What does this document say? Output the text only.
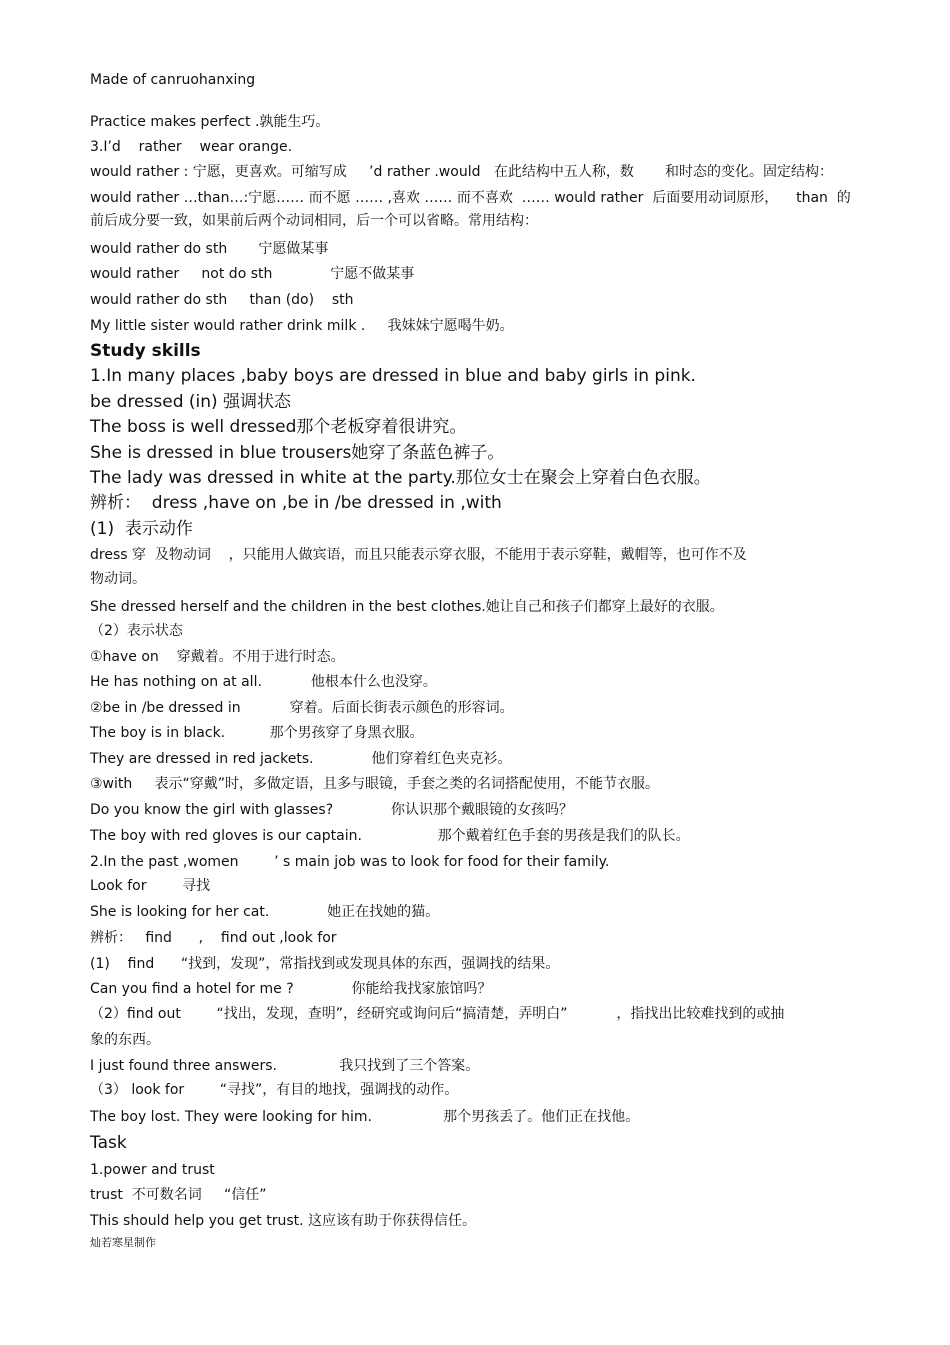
Made of canruohanxing
Practice makes perfect .孰能生巧。
3.I’d    rather    wear orange.
would rather : 宁愿，更喜欢。可缩写成     ’d rather .would   在此结构中五人称，数       和时态的变化。固定结构：
would rather …than…:宁愿…… 而不愿 …… ,喜欢 …… 而不喜欢  …… would rather  后面要用动词原形，    than  的
前后成分要一致，如果前后两个动词相同，后一个可以省略。常用结构：
would rather do sth       宁愿做某事
would rather     not do sth             宁愿不做某事
would rather do sth     than (do)    sth
My little sister would rather drink milk .     我妹妹宁愿喝牛奶。
Study skills
1.In many places ,baby boys are dressed in blue and baby girls in pink.
be dressed (in) 强调状态
The boss is well dressed那个老板穿着很讲究。
She is dressed in blue trousers她穿了条蓝色裤子。
The lady was dressed in white at the party.那位女士在聚会上穿着白色衣服。
辨析：  dress ,have on ,be in /be dressed in ,with
(1)  表示动作
dress 穿  及物动词    ，只能用人做宾语，而且只能表示穿衣服，不能用于表示穿鞋，戴帽等，也可作不及
物动词。
She dressed herself and the children in the best clothes.她让自己和孩子们都穿上最好的衣服。
（2）表示状态
①have on    穿戴着。不用于进行时态。
He has nothing on at all.           他根本什么也没穿。
②be in /be dressed in           穿着。后面长街表示颜色的形容词。
The boy is in black.          那个男孩穿了身黑衣服。
They are dressed in red jackets.             他们穿着红色夹克衫。
③with     表示“穿戴”时，多做定语，且多与眼镜，手套之类的名词搭配使用，不能节衣服。
Do you know the girl with glasses?             你认识那个戴眼镜的女孩吗？
The boy with red gloves is our captain.                 那个戴着红色手套的男孩是我们的队长。
2.In the past ,women        ’ s main job was to look for food for their family.
Look for        寻找
She is looking for her cat.             她正在找她的猫。
辨析：   find      ,    find out ,look for
(1)    find      “找到，发现”，常指找到或发现具体的东西，强调找的结果。
Can you find a hotel for me ?             你能给我找家旅馆吗？
（2）find out        “找出，发现，查明”，经研究或询问后“搞清楚，弄明白”           ，指找出比较难找到的或抽
象的东西。
I just found three answers.              我只找到了三个答案。
（3） look for        “寻找”，有目的地找，强调找的动作。
The boy lost. They were looking for him.                那个男孩丢了。他们正在找他。
Task
1.power and trust
trust  不可数名词     “信任”
This should help you get trust. 这应该有助于你获得信任。
灿若寒星制作
